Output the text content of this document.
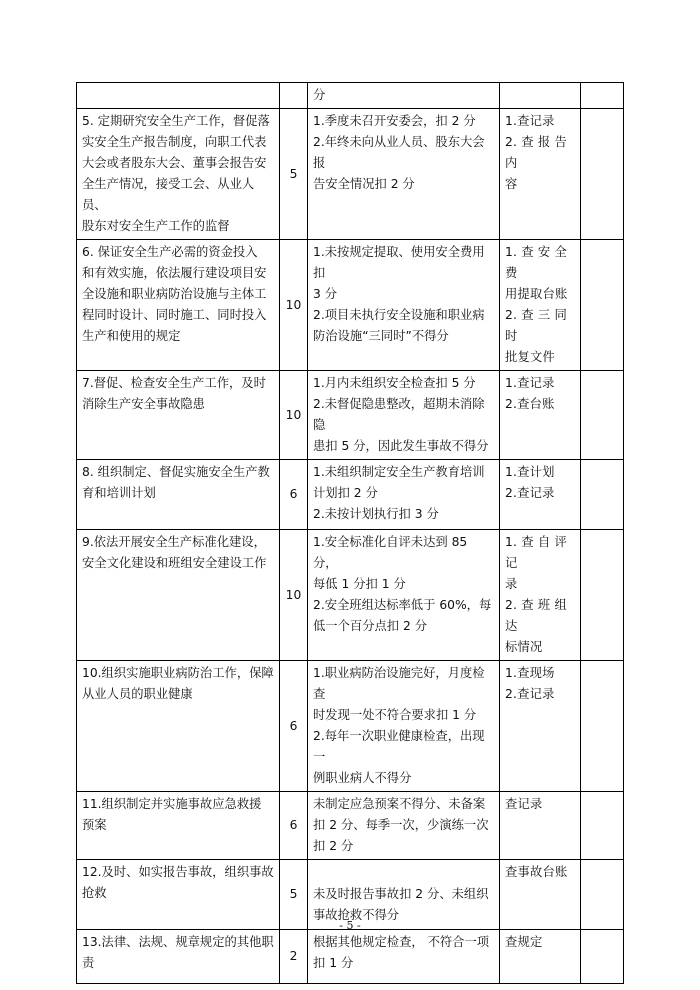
		分		

5. 定期研究安全生产工作，督促落
实安全生产报告制度，向职工代表
大会或者股东大会、董事会报告安
全生产情况，接受工会、从业人员、
股东对安全生产工作的监督	5	1.季度未召开安委会，扣 2 分
2.年终未向从业人员、股东大会报
告安全情况扣 2 分	1.查记录
2. 查 报 告 内
容	

6. 保证安全生产必需的资金投入
和有效实施，依法履行建设项目安
全设施和职业病防治设施与主体工
程同时设计、同时施工、同时投入
生产和使用的规定	10	1.未按规定提取、使用安全费用扣
3 分
2.项目未执行安全设施和职业病
防治设施“三同时”不得分	1. 查 安 全 费
用提取台账
2. 查 三 同 时
批复文件	

7.督促、检查安全生产工作，及时
消除生产安全事故隐患	10	1.月内未组织安全检查扣 5 分
2.未督促隐患整改，超期未消除隐
患扣 5 分，因此发生事故不得分	1.查记录
2.查台账	

8. 组织制定、督促实施安全生产教
育和培训计划	6	1.未组织制定安全生产教育培训
计划扣 2 分
2.未按计划执行扣 3 分	1.查计划
2.查记录	

9.依法开展安全生产标准化建设，
安全文化建设和班组安全建设工作	10	1.安全标准化自评未达到 85 分，
每低 1 分扣 1 分
2.安全班组达标率低于 60%，每
低一个百分点扣 2 分	1. 查 自 评 记
录
2. 查 班 组 达
标情况	

10.组织实施职业病防治工作，保障
从业人员的职业健康	6	1.职业病防治设施完好，月度检查
时发现一处不符合要求扣 1 分
2.每年一次职业健康检查，出现一
例职业病人不得分	1.查现场
2.查记录	

11.组织制定并实施事故应急救援
预案	6	未制定应急预案不得分、未备案
扣 2 分、每季一次，少演练一次
扣 2 分	查记录	

12.及时、如实报告事故，组织事故
抢救	5	未及时报告事故扣 2 分、未组织
事故抢救不得分	查事故台账	

13.法律、法规、规章规定的其他职
责	2	根据其他规定检查， 不符合一项
扣 1 分	查规定	

- 5 -
